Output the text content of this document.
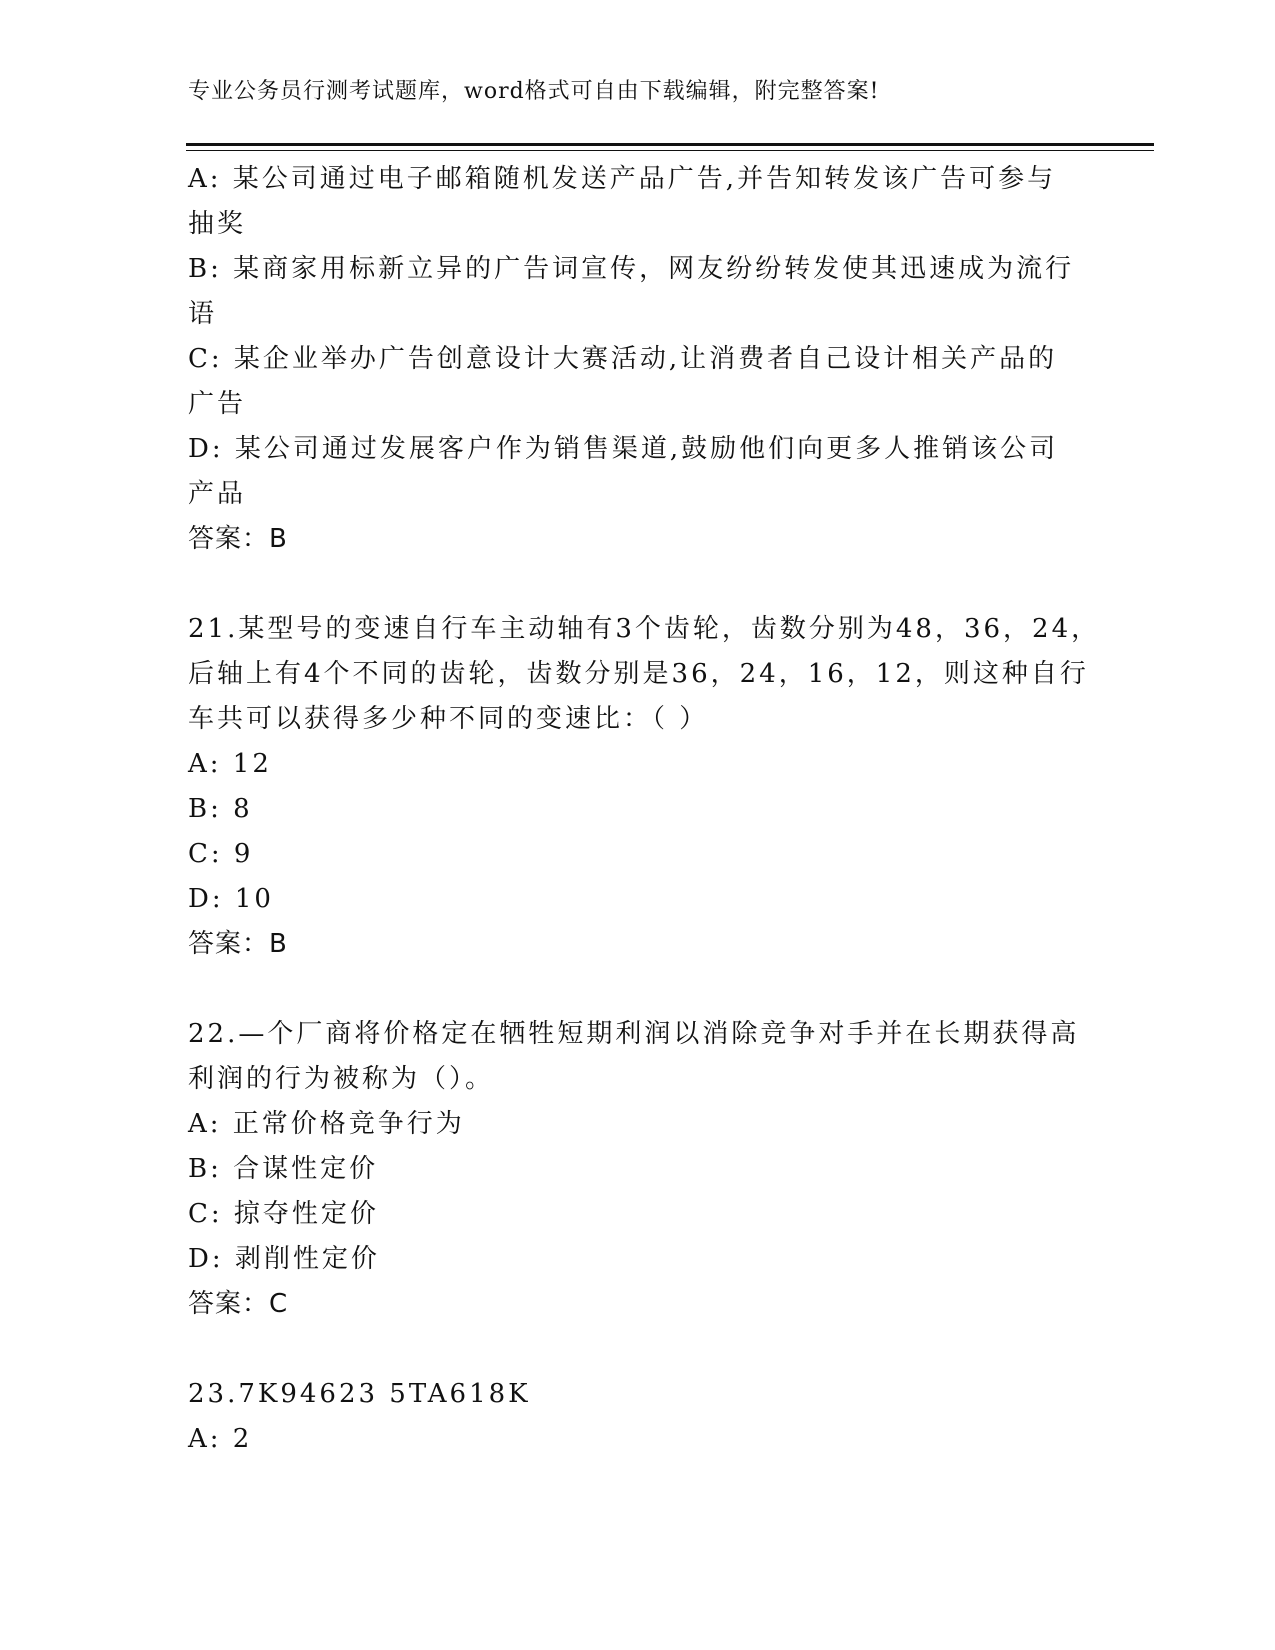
专业公务员行测考试题库，word格式可自由下载编辑，附完整答案!
A: 某公司通过电子邮箱随机发送产品广告,并告知转发该广告可参与
抽奖
B: 某商家用标新立异的广告词宣传，网友纷纷转发使其迅速成为流行
语
C: 某企业举办广告创意设计大赛活动,让消费者自己设计相关产品的
广告
D: 某公司通过发展客户作为销售渠道,鼓励他们向更多人推销该公司
产品
答案：B
21.某型号的变速自行车主动轴有3个齿轮，齿数分别为48，36，24，
后轴上有4个不同的齿轮，齿数分别是36，24，16，12，则这种自行
车共可以获得多少种不同的变速比：（ ）
A: 12
B: 8
C: 9
D: 10
答案：B
22.—个厂商将价格定在牺牲短期利润以消除竞争对手并在长期获得高
利润的行为被称为（）。
A: 正常价格竞争行为
B: 合谋性定价
C: 掠夺性定价
D: 剥削性定价
答案：C
23.7K94623 5TA618K
A: 2
